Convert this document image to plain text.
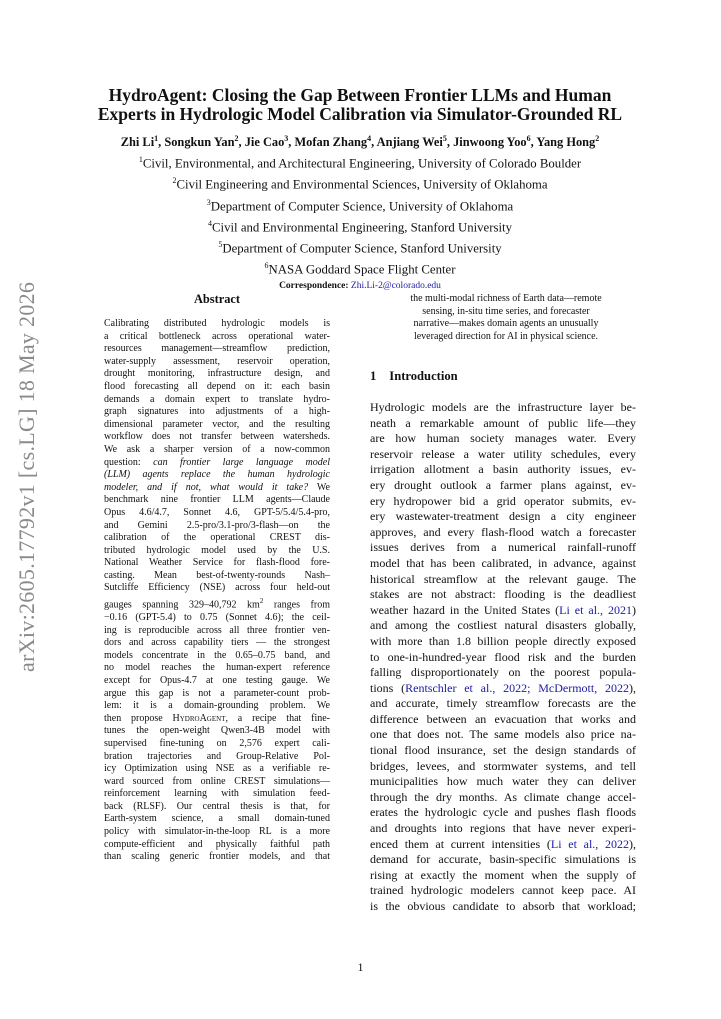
arXiv:2605.17792v1 [cs.LG] 18 May 2026
HydroAgent: Closing the Gap Between Frontier LLMs and Human
Experts in Hydrologic Model Calibration via Simulator-Grounded RL
Zhi Li$^1$, Songkun Yan$^2$, Jie Cao$^3$, Mofan Zhang$^4$, Anjiang Wei$^5$, Jinwoong Yoo$^6$, Yang Hong$^2$
$^1$Civil, Environmental, and Architectural Engineering, University of Colorado Boulder
$^2$Civil Engineering and Environmental Sciences, University of Oklahoma
$^3$Department of Computer Science, University of Oklahoma
$^4$Civil and Environmental Engineering, Stanford University
$^5$Department of Computer Science, Stanford University
$^6$NASA Goddard Space Flight Center
Correspondence: Zhi.Li-2@colorado.edu
Abstract
Calibrating distributed hydrologic models is
a critical bottleneck across operational water-
resources management—streamflow prediction,
water-supply assessment, reservoir operation,
drought monitoring, infrastructure design, and
flood forecasting all depend on it: each basin
demands a domain expert to translate hydro-
graph signatures into adjustments of a high-
dimensional parameter vector, and the resulting
workflow does not transfer between watersheds.
We ask a sharper version of a now-common
question: can frontier large language model
(LLM) agents replace the human hydrologic
modeler, and if not, what would it take? We
benchmark nine frontier LLM agents—Claude
Opus 4.6/4.7, Sonnet 4.6, GPT-5/5.4/5.4-pro,
and Gemini 2.5-pro/3.1-pro/3-flash—on the
calibration of the operational CREST dis-
tributed hydrologic model used by the U.S.
National Weather Service for flash-flood fore-
casting. Mean best-of-twenty-rounds Nash–
Sutcliffe Efficiency (NSE) across four held-out
gauges spanning 329–40,792 $km^2$ ranges from
−0.16 (GPT-5.4) to 0.75 (Sonnet 4.6); the ceil-
ing is reproducible across all three frontier ven-
dors and across capability tiers — the strongest
models concentrate in the 0.65–0.75 band, and
no model reaches the human-expert reference
except for Opus-4.7 at one testing gauge. We
argue this gap is not a parameter-count prob-
lem: it is a domain-grounding problem. We
then propose HydroAgent, a recipe that fine-
tunes the open-weight Qwen3-4B model with
supervised fine-tuning on 2,576 expert cali-
bration trajectories and Group-Relative Pol-
icy Optimization using NSE as a verifiable re-
ward sourced from online CREST simulations—
reinforcement learning with simulation feed-
back (RLSF). Our central thesis is that, for
Earth-system science, a small domain-tuned
policy with simulator-in-the-loop RL is a more
compute-efficient and physically faithful path
than scaling generic frontier models, and that
the multi-modal richness of Earth data—remote
sensing, in-situ time series, and forecaster
narrative—makes domain agents an unusually
leveraged direction for AI in physical science.
1 Introduction
Hydrologic models are the infrastructure layer be-
neath a remarkable amount of public life—they
are how human society manages water. Every
reservoir release a water utility schedules, every
irrigation allotment a basin authority issues, ev-
ery drought outlook a farmer plans against, ev-
ery hydropower bid a grid operator submits, ev-
ery wastewater-treatment design a city engineer
approves, and every flash-flood watch a forecaster
issues derives from a numerical rainfall-runoff
model that has been calibrated, in advance, against
historical streamflow at the relevant gauge. The
stakes are not abstract: flooding is the deadliest
weather hazard in the United States (Li et al., 2021)
and among the costliest natural disasters globally,
with more than 1.8 billion people directly exposed
to one-in-hundred-year flood risk and the burden
falling disproportionately on the poorest popula-
tions (Rentschler et al., 2022; McDermott, 2022),
and accurate, timely streamflow forecasts are the
difference between an evacuation that works and
one that does not. The same models also price na-
tional flood insurance, set the design standards of
bridges, levees, and stormwater systems, and tell
municipalities how much water they can deliver
through the dry months. As climate change accel-
erates the hydrologic cycle and pushes flash floods
and droughts into regions that have never experi-
enced them at current intensities (Li et al., 2022),
demand for accurate, basin-specific simulations is
rising at exactly the moment when the supply of
trained hydrologic modelers cannot keep pace. AI
is the obvious candidate to absorb that workload;
1
